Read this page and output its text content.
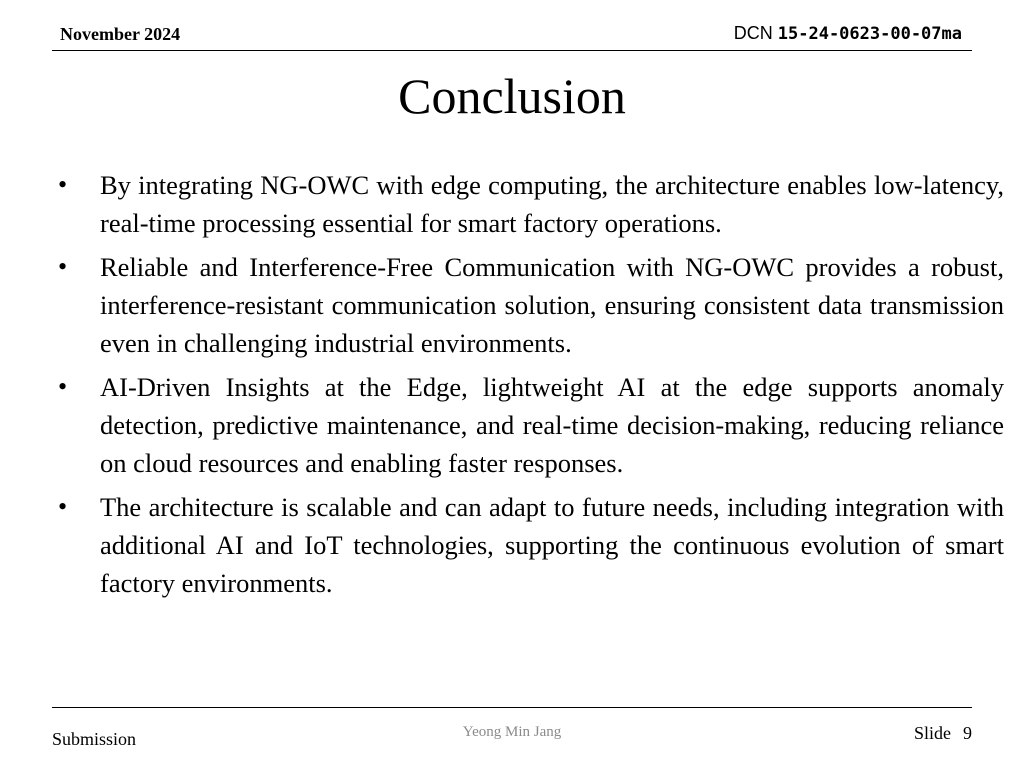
November 2024	DCN 15-24-0623-00-07ma
Conclusion
• By integrating NG-OWC with edge computing, the architecture enables low-latency, real-time processing essential for smart factory operations.
• Reliable and Interference-Free Communication with NG-OWC provides a robust, interference-resistant communication solution, ensuring consistent data transmission even in challenging industrial environments.
• AI-Driven Insights at the Edge, lightweight AI at the edge supports anomaly detection, predictive maintenance, and real-time decision-making, reducing reliance on cloud resources and enabling faster responses.
• The architecture is scalable and can adapt to future needs, including integration with additional AI and IoT technologies, supporting the continuous evolution of smart factory environments.
Submission	Yeong Min Jang	Slide 9
